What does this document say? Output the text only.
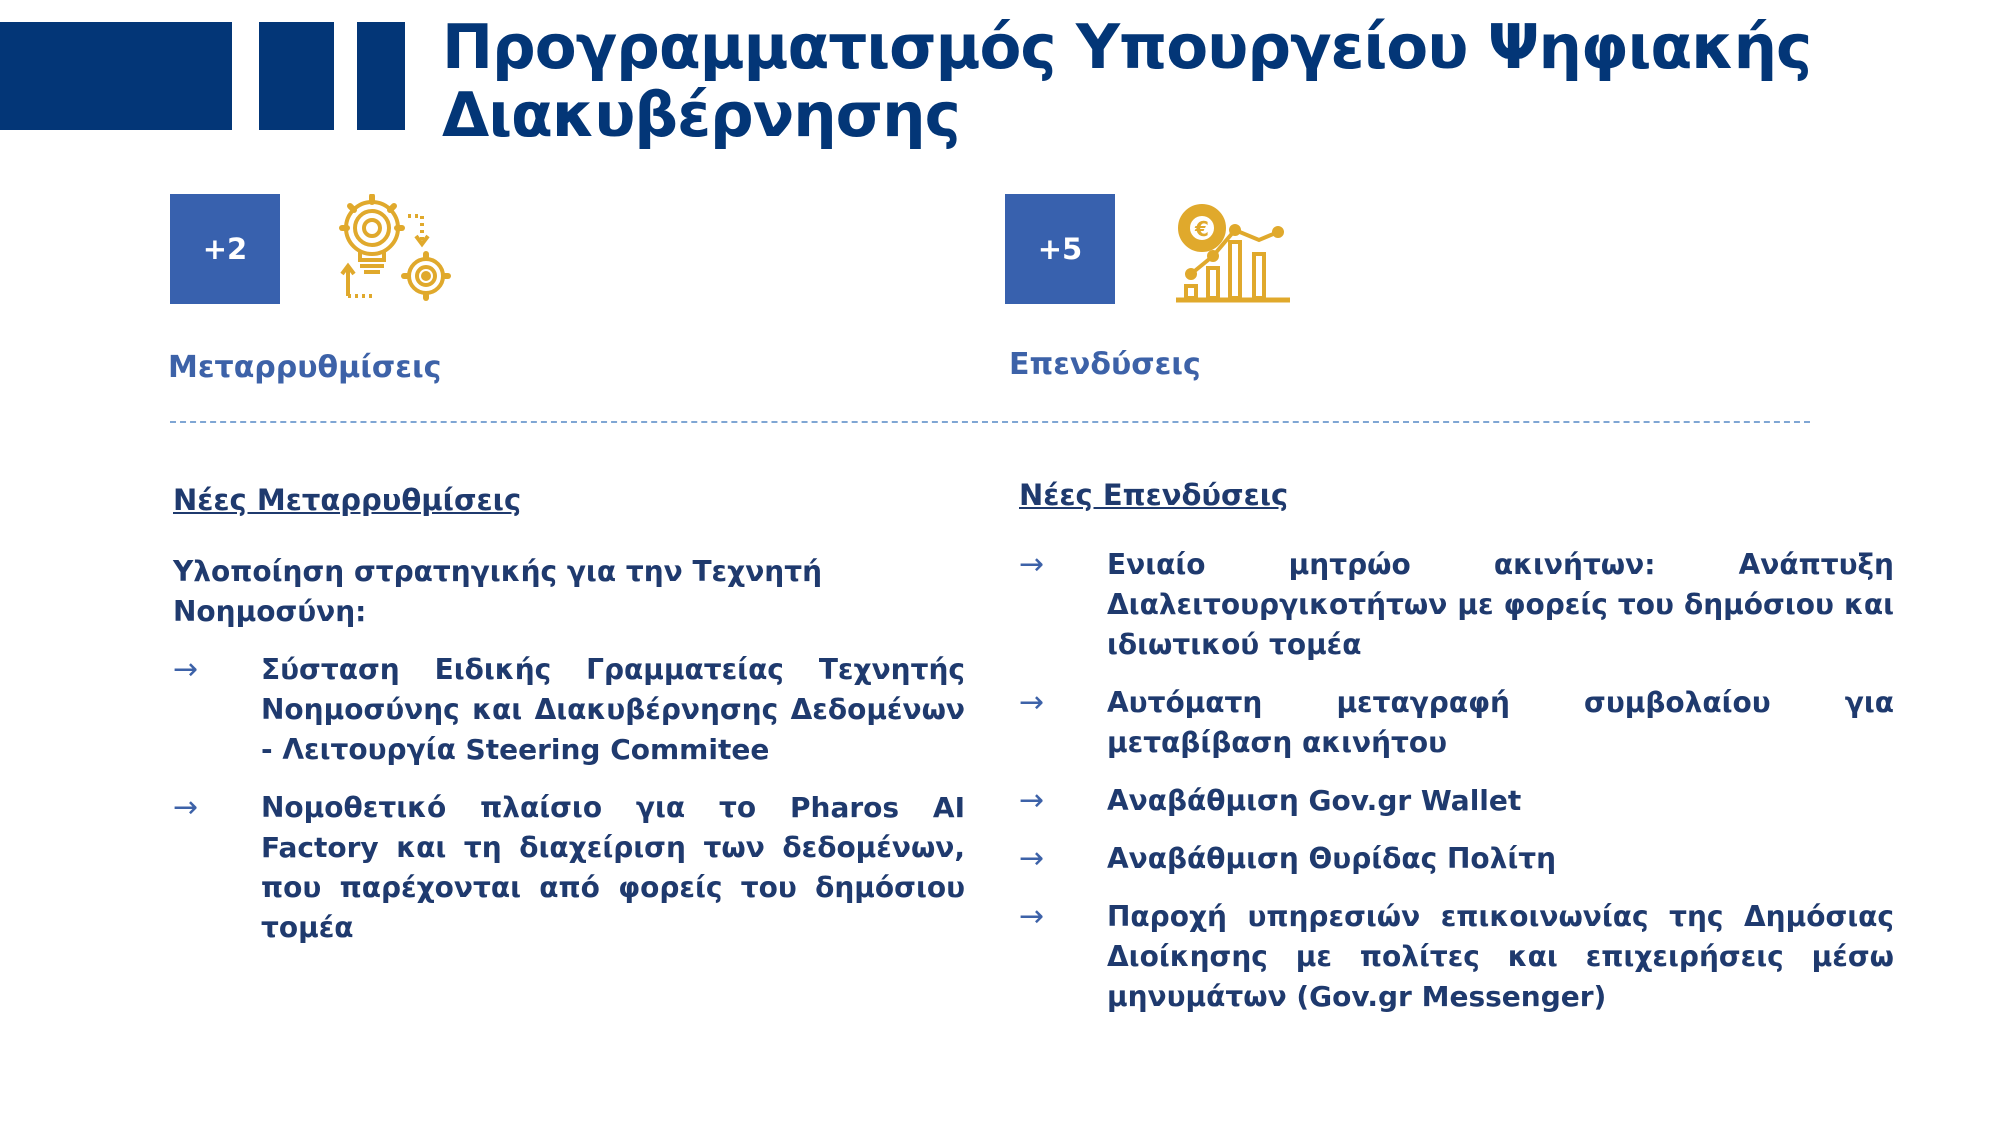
Προγραμματισμός Υπουργείου Ψηφιακής Διακυβέρνησης
+2
Μεταρρυθμίσεις
+5
€
Επενδύσεις

Νέες Μεταρρυθμίσεις

Υλοποίηση στρατηγικής για την Τεχνητή Νοημοσύνη:

→	Σύσταση Ειδικής Γραμματείας Τεχνητής Νοημοσύνης και Διακυβέρνησης Δεδομένων - Λειτουργία Steering Commitee
→	Νομοθετικό πλαίσιο για το Pharos AI Factory και τη διαχείριση των δεδομένων, που παρέχονται από φορείς του δημόσιου τομέα

Νέες Επενδύσεις

→	Ενιαίο μητρώο ακινήτων: Ανάπτυξη Διαλειτουργικοτήτων με φορείς του δημόσιου και ιδιωτικού τομέα
→	Αυτόματη μεταγραφή συμβολαίου για μεταβίβαση ακινήτου
→	Αναβάθμιση Gov.gr Wallet
→	Αναβάθμιση Θυρίδας Πολίτη
→	Παροχή υπηρεσιών επικοινωνίας της Δημόσιας Διοίκησης με πολίτες και επιχειρήσεις μέσω μηνυμάτων (Gov.gr Messenger)
